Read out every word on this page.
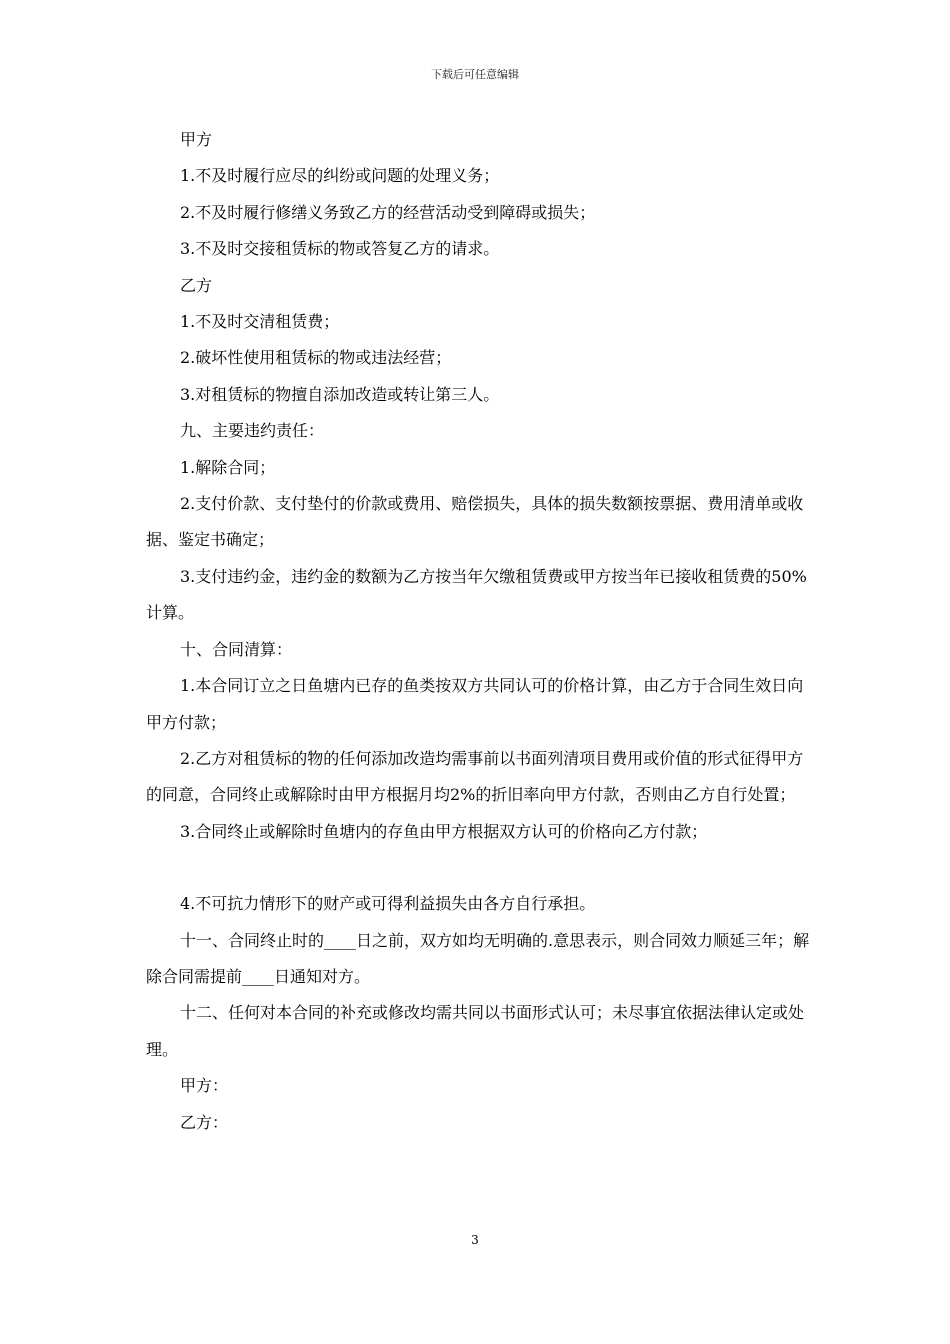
下载后可任意编辑

甲方

1.不及时履行应尽的纠纷或问题的处理义务；

2.不及时履行修缮义务致乙方的经营活动受到障碍或损失；

3.不及时交接租赁标的物或答复乙方的请求。

乙方

1.不及时交清租赁费；

2.破坏性使用租赁标的物或违法经营；

3.对租赁标的物擅自添加改造或转让第三人。

九、主要违约责任：

1.解除合同；

2.支付价款、支付垫付的价款或费用、赔偿损失，具体的损失数额按票据、费用清单或收据、鉴定书确定；

3.支付违约金，违约金的数额为乙方按当年欠缴租赁费或甲方按当年已接收租赁费的50%计算。

十、合同清算：

1.本合同订立之日鱼塘内已存的鱼类按双方共同认可的价格计算，由乙方于合同生效日向甲方付款；

2.乙方对租赁标的物的任何添加改造均需事前以书面列清项目费用或价值的形式征得甲方的同意，合同终止或解除时由甲方根据月均2%的折旧率向甲方付款，否则由乙方自行处置；

3.合同终止或解除时鱼塘内的存鱼由甲方根据双方认可的价格向乙方付款；

4.不可抗力情形下的财产或可得利益损失由各方自行承担。

十一、合同终止时的____日之前，双方如均无明确的.意思表示，则合同效力顺延三年；解除合同需提前____日通知对方。

十二、任何对本合同的补充或修改均需共同以书面形式认可；未尽事宜依据法律认定或处理。

甲方：

乙方：

3
